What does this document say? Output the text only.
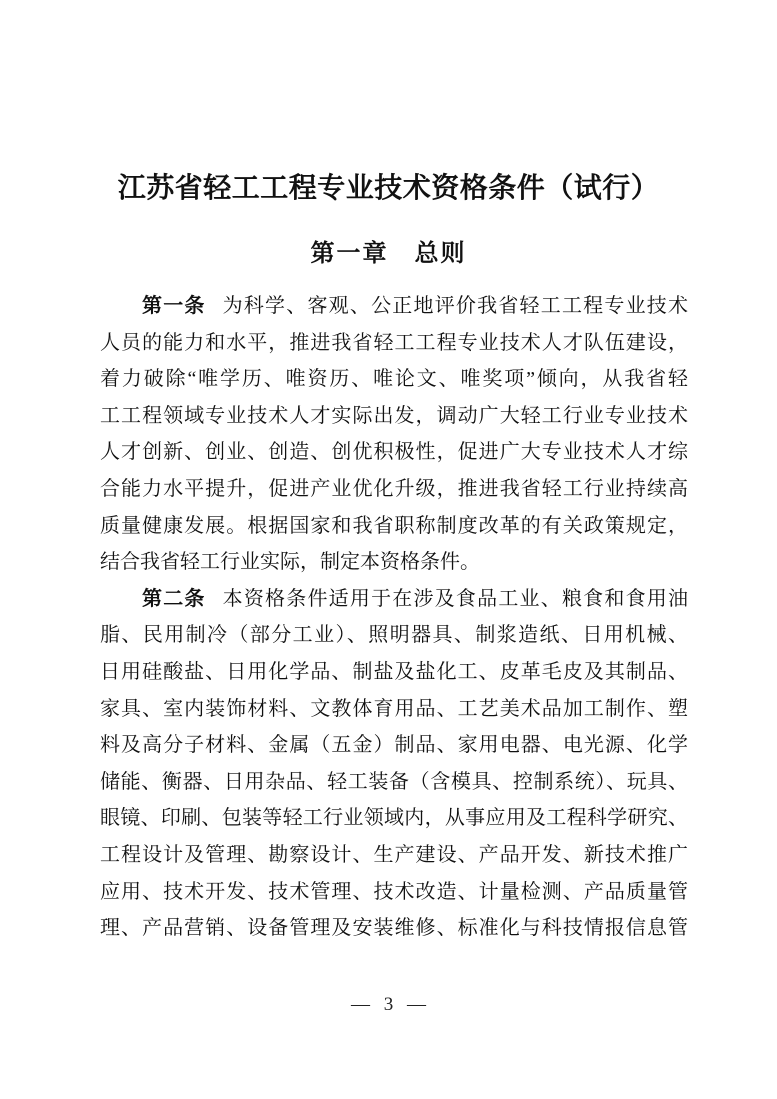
江苏省轻工工程专业技术资格条件（试行）
第一章　总则
第一条 为科学、客观、公正地评价我省轻工工程专业技术
人员的能力和水平，推进我省轻工工程专业技术人才队伍建设，
着力破除“唯学历、唯资历、唯论文、唯奖项”倾向，从我省轻
工工程领域专业技术人才实际出发，调动广大轻工行业专业技术
人才创新、创业、创造、创优积极性，促进广大专业技术人才综
合能力水平提升，促进产业优化升级，推进我省轻工行业持续高
质量健康发展。根据国家和我省职称制度改革的有关政策规定，
结合我省轻工行业实际，制定本资格条件。
第二条 本资格条件适用于在涉及食品工业、粮食和食用油
脂、民用制冷（部分工业）、照明器具、制浆造纸、日用机械、
日用硅酸盐、日用化学品、制盐及盐化工、皮革毛皮及其制品、
家具、室内装饰材料、文教体育用品、工艺美术品加工制作、塑
料及高分子材料、金属（五金）制品、家用电器、电光源、化学
储能、衡器、日用杂品、轻工装备（含模具、控制系统）、玩具、
眼镜、印刷、包装等轻工行业领域内，从事应用及工程科学研究、
工程设计及管理、勘察设计、生产建设、产品开发、新技术推广
应用、技术开发、技术管理、技术改造、计量检测、产品质量管
理、产品营销、设备管理及安装维修、标准化与科技情报信息管
— 3 —
